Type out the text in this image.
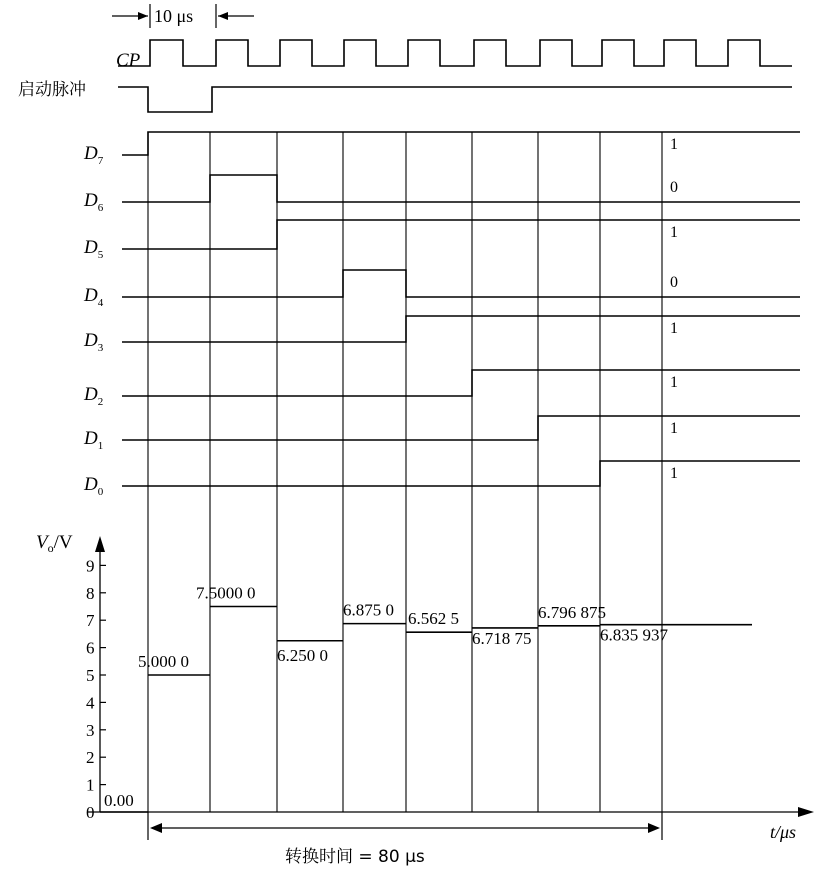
10 μs
CP
启动脉冲
$D_7$
1
$D_6$
0
$D_5$
1
$D_4$
0
$D_3$
1
$D_2$
1
$D_1$
1
$D_0$
1
$V_o/V$
0
1
2
3
4
5
6
7
8
9
t/μs
5.000 0
7.5000 0
6.250 0
6.875 0 6.562 5
6.718 75
6.796 875
6.835 937
0.00
转换时间 = 80 μs
